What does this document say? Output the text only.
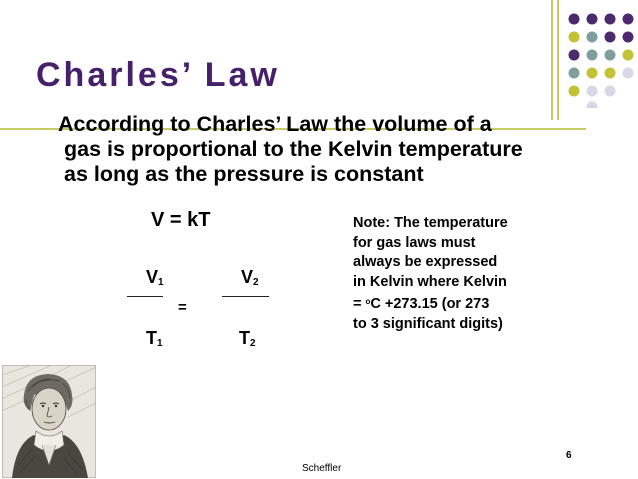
Charles’ Law
According to Charles’ Law the volume of a
gas is proportional to the Kelvin temperature
as long as the pressure is constant
V = kT
$V_1$	$V_2$
=
$T_1$	$T_2$
Note: The temperature
for gas laws must
always be expressed
in Kelvin where Kelvin
= $^o$C +273.15 (or 273
to 3 significant digits)
6
Scheffler
